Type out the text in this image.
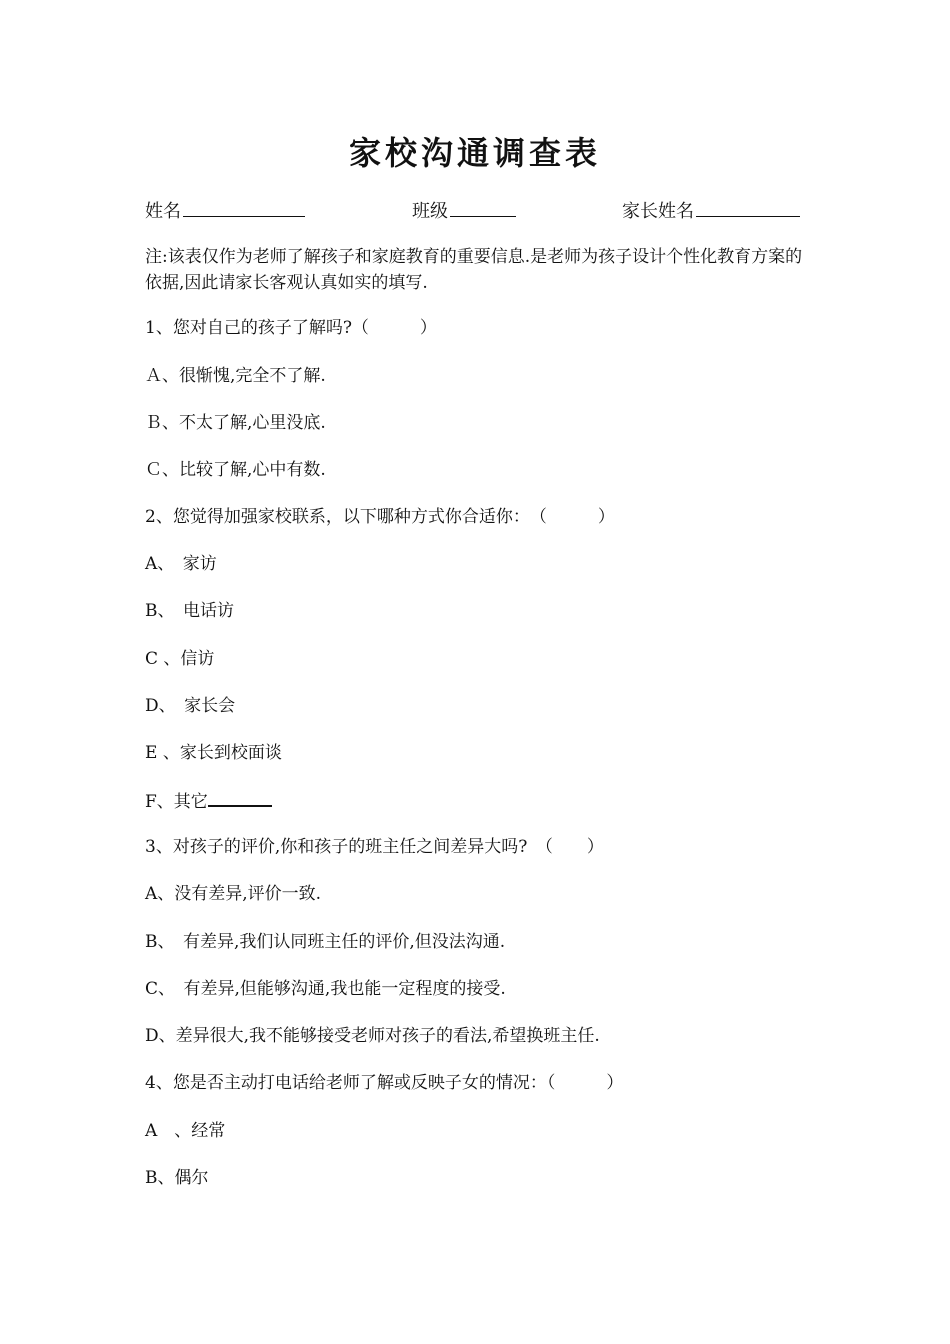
家校沟通调查表
姓名	班级	家长姓名
注:该表仅作为老师了解孩子和家庭教育的重要信息.是老师为孩子设计个性化教育方案的依据,因此请家长客观认真如实的填写.
1、您对自己的孩子了解吗?（　　　）
Ａ、很惭愧,完全不了解.
Ｂ、不太了解,心里没底.
Ｃ、比较了解,心中有数.
2、您觉得加强家校联系，以下哪种方式你合适你：　（　　　）
A、　家访
B、　电话访
C 、信访
D、　家长会
E 、家长到校面谈
F、其它
3、对孩子的评价,你和孩子的班主任之间差异大吗?　（　　）
A、没有差异,评价一致.
B、　有差异,我们认同班主任的评价,但没法沟通.
C、　有差异,但能够沟通,我也能一定程度的接受.
D、差异很大,我不能够接受老师对孩子的看法,希望换班主任.
4、您是否主动打电话给老师了解或反映子女的情况：（　　　）
A　、经常
B、偶尔
